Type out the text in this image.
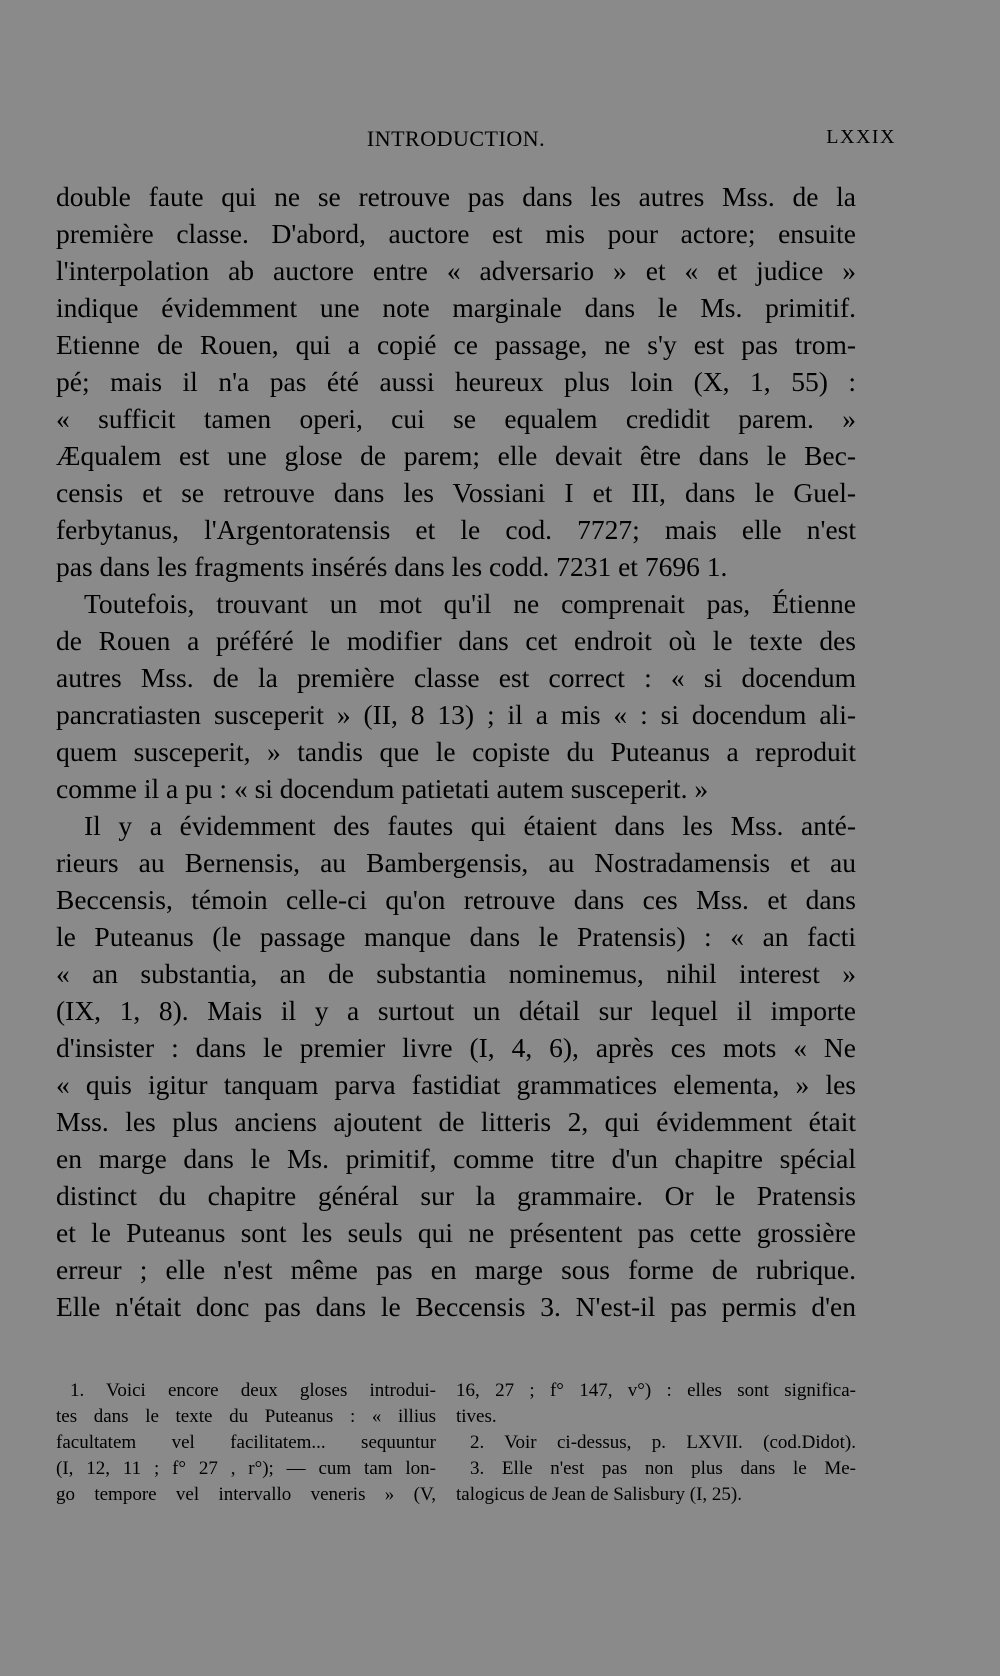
INTRODUCTION.	LXXIX
double faute qui ne se retrouve pas dans les autres Mss. de la
première classe. D'abord, auctore est mis pour actore; ensuite
l'interpolation ab auctore entre « adversario » et « et judice »
indique évidemment une note marginale dans le Ms. primitif.
Etienne de Rouen, qui a copié ce passage, ne s'y est pas trom-
pé; mais il n'a pas été aussi heureux plus loin (X, 1, 55) :
« sufficit tamen operi, cui se equalem credidit parem. »
Æqualem est une glose de parem; elle devait être dans le Bec-
censis et se retrouve dans les Vossiani I et III, dans le Guel-
ferbytanus, l'Argentoratensis et le cod. 7727; mais elle n'est
pas dans les fragments insérés dans les codd. 7231 et 7696 1.
Toutefois, trouvant un mot qu'il ne comprenait pas, Étienne
de Rouen a préféré le modifier dans cet endroit où le texte des
autres Mss. de la première classe est correct : « si docendum
pancratiasten susceperit » (II, 8 13) ; il a mis « : si docendum ali-
quem susceperit, » tandis que le copiste du Puteanus a reproduit
comme il a pu : « si docendum patietati autem susceperit. »
Il y a évidemment des fautes qui étaient dans les Mss. anté-
rieurs au Bernensis, au Bambergensis, au Nostradamensis et au
Beccensis, témoin celle-ci qu'on retrouve dans ces Mss. et dans
le Puteanus (le passage manque dans le Pratensis) : « an facti
« an substantia, an de substantia nominemus, nihil interest »
(IX, 1, 8). Mais il y a surtout un détail sur lequel il importe
d'insister : dans le premier livre (I, 4, 6), après ces mots « Ne
« quis igitur tanquam parva fastidiat grammatices elementa, » les
Mss. les plus anciens ajoutent de litteris 2, qui évidemment était
en marge dans le Ms. primitif, comme titre d'un chapitre spécial
distinct du chapitre général sur la grammaire. Or le Pratensis
et le Puteanus sont les seuls qui ne présentent pas cette grossière
erreur ; elle n'est même pas en marge sous forme de rubrique.
Elle n'était donc pas dans le Beccensis 3. N'est-il pas permis d'en
1. Voici encore deux gloses introdui-
tes dans le texte du Puteanus : « illius
facultatem vel facilitatem... sequuntur
(I, 12, 11 ; f° 27 , r°); — cum tam lon-
go tempore vel intervallo veneris » (V,
16, 27 ; f° 147, v°) : elles sont significa-
tives.
2. Voir ci-dessus, p. LXVII. (cod.Didot).
3. Elle n'est pas non plus dans le Me-
talogicus de Jean de Salisbury (I, 25).
